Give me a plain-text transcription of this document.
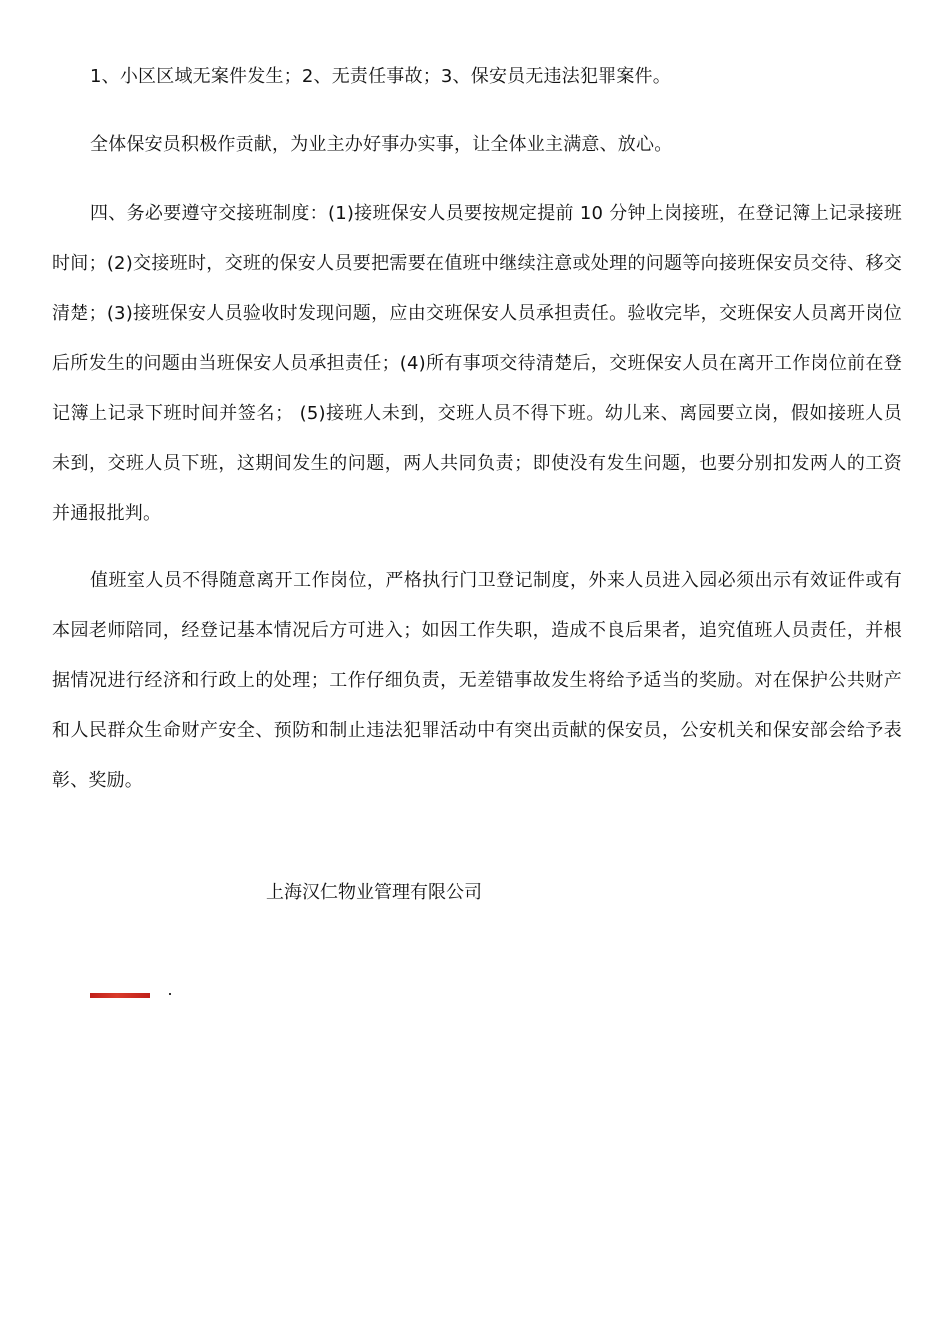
1、小区区域无案件发生；2、无责任事故；3、保安员无违法犯罪案件。

全体保安员积极作贡献，为业主办好事办实事，让全体业主满意、放心。

四、务必要遵守交接班制度：(1)接班保安人员要按规定提前 10 分钟上岗接班，在登记簿上记录接班时间；(2)交接班时，交班的保安人员要把需要在值班中继续注意或处理的问题等向接班保安员交待、移交清楚；(3)接班保安人员验收时发现问题，应由交班保安人员承担责任。验收完毕，交班保安人员离开岗位后所发生的问题由当班保安人员承担责任；(4)所有事项交待清楚后，交班保安人员在离开工作岗位前在登记簿上记录下班时间并签名； (5)接班人未到，交班人员不得下班。幼儿来、离园要立岗，假如接班人员未到，交班人员下班，这期间发生的问题，两人共同负责；即使没有发生问题，也要分别扣发两人的工资并通报批判。

值班室人员不得随意离开工作岗位，严格执行门卫登记制度，外来人员进入园必须出示有效证件或有本园老师陪同，经登记基本情况后方可进入；如因工作失职，造成不良后果者，追究值班人员责任，并根据情况进行经济和行政上的处理；工作仔细负责，无差错事故发生将给予适当的奖励。对在保护公共财产和人民群众生命财产安全、预防和制止违法犯罪活动中有突出贡献的保安员，公安机关和保安部会给予表彰、奖励。

上海汉仁物业管理有限公司
